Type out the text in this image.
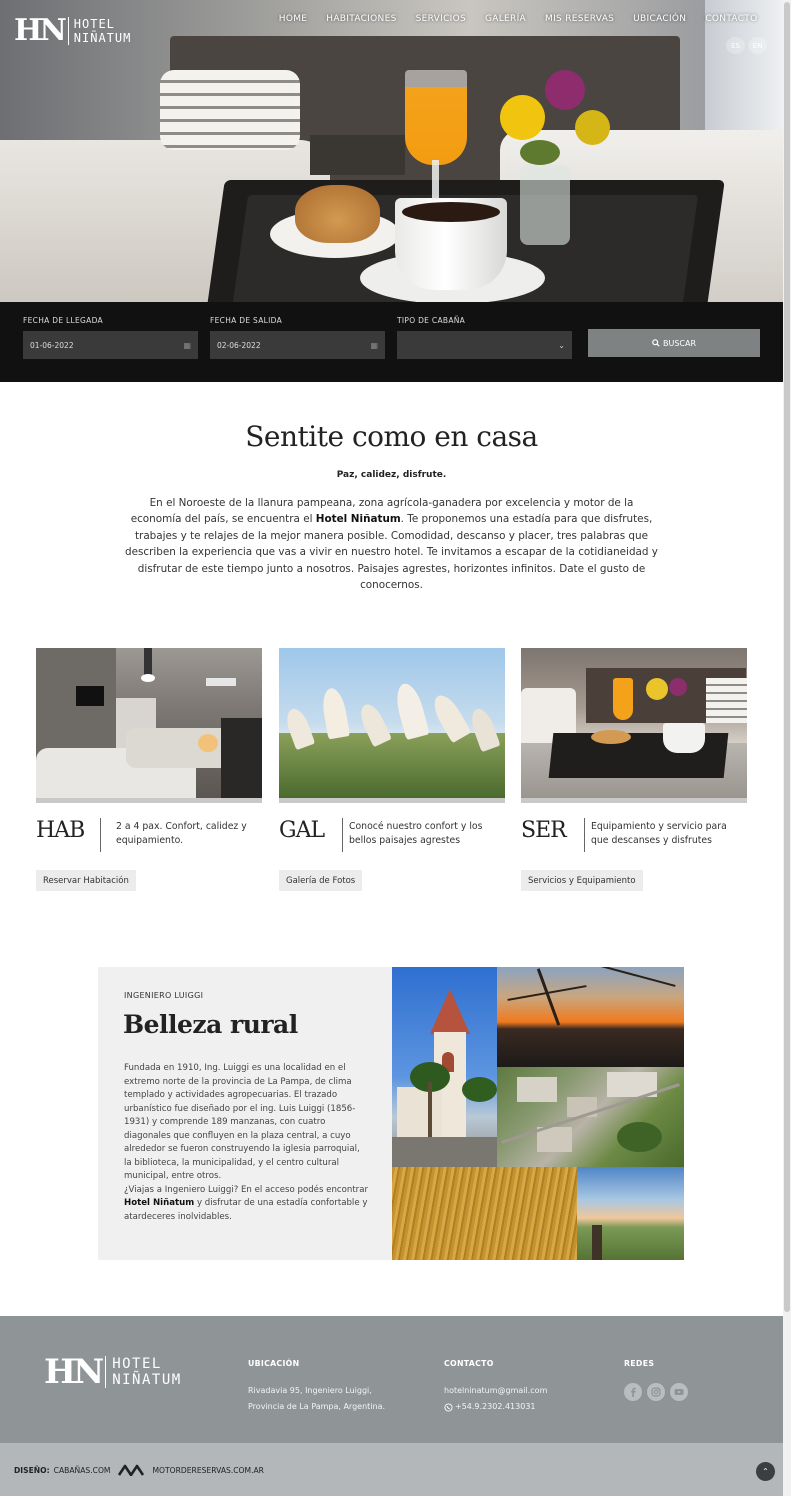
HN HOTEL
NIÑATUM
HOME	HABITACIONES	SERVICIOS	GALERÍA	MIS RESERVAS	UBICACIÓN	CONTACTO
ES	EN
FECHA DE LLEGADA
01-06-2022	▦
FECHA DE SALIDA
02-06-2022	▦
TIPO DE CABAÑA
⌄	BUSCAR
Sentite como en casa
Paz, calidez, disfrute.

En el Noroeste de la llanura pampeana, zona agrícola-ganadera por excelencia y motor de la economía del país, se encuentra el Hotel Niñatum. Te proponemos una estadía para que disfrutes, trabajes y te relajes de la mejor manera posible. Comodidad, descanso y placer, tres palabras que describen la experiencia que vas a vivir en nuestro hotel. Te invitamos a escapar de la cotidianeidad y disfrutar de este tiempo junto a nosotros. Paisajes agrestes, horizontes infinitos. Date el gusto de conocernos.

HAB	2 a 4 pax. Confort, calidez y equipamiento.
Reservar Habitación
GAL	Conocé nuestro confort y los bellos paisajes agrestes
Galería de Fotos
SER	Equipamiento y servicio para que descanses y disfrutes
Servicios y Equipamiento
INGENIERO LUIGGI
Belleza rural
Fundada en 1910, Ing. Luiggi es una localidad en el extremo norte de la provincia de La Pampa, de clima templado y actividades agropecuarias. El trazado urbanístico fue diseñado por el ing. Luis Luiggi (1856-1931) y comprende 189 manzanas, con cuatro diagonales que confluyen en la plaza central, a cuyo alrededor se fueron construyendo la iglesia parroquial, la biblioteca, la municipalidad, y el centro cultural municipal, entre otros.
¿Viajas a Ingeniero Luiggi? En el acceso podés encontrar Hotel Niñatum y disfrutar de una estadía confortable y atardeceres inolvidables.
HN HOTEL
NIÑATUM
UBICACIÓN
Rivadavia 95, Ingeniero Luiggi,
Provincia de La Pampa, Argentina.
CONTACTO
hotelninatum@gmail.com
+54.9.2302.413031
REDES
DISEÑO: CABAÑAS.COM	MOTORDERESERVAS.COM.AR	⌃
